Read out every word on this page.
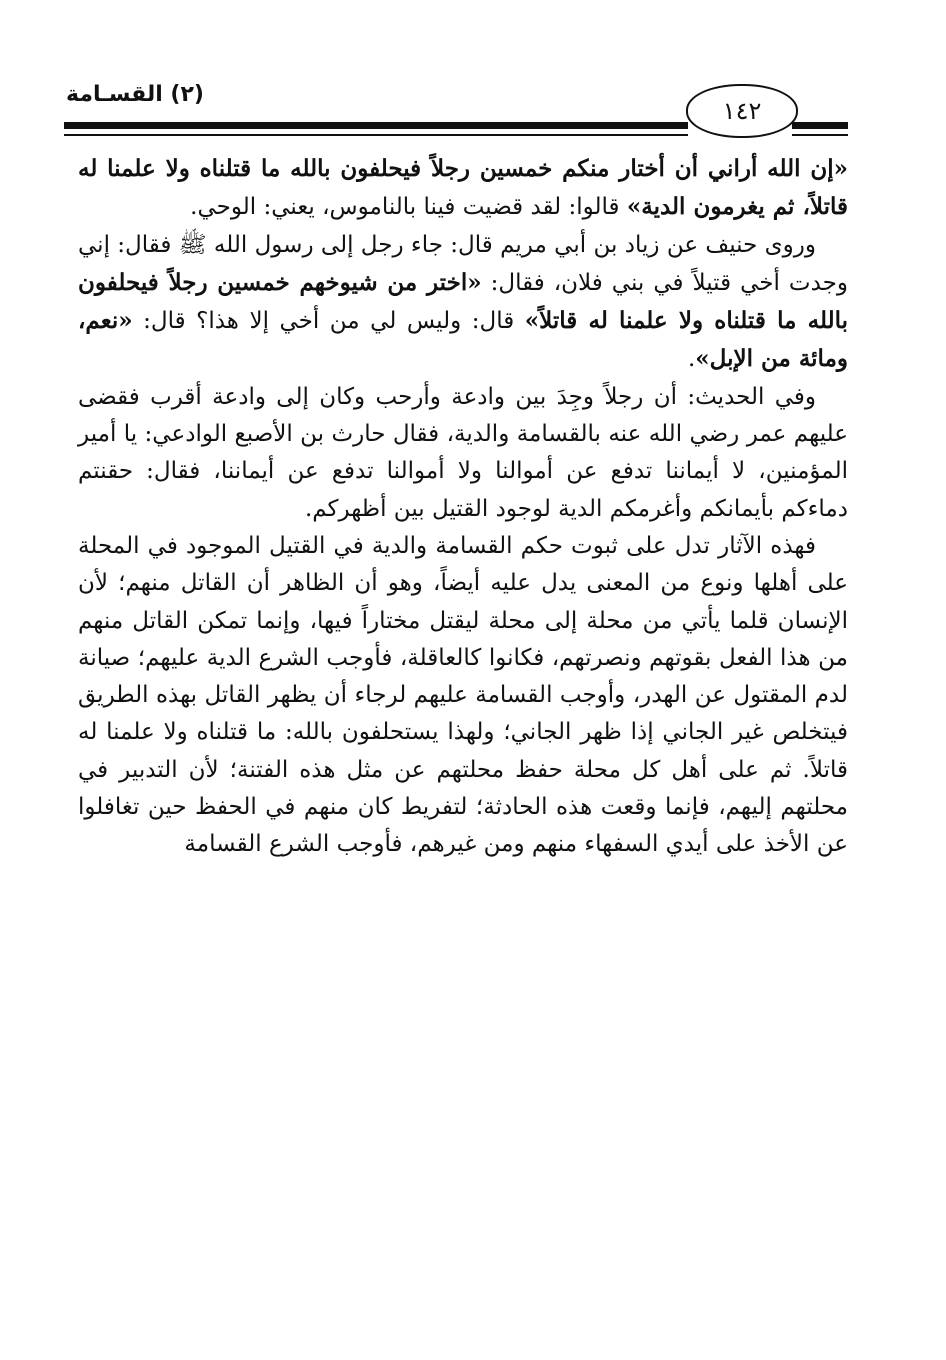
(٢) القسـامة
١٤٢

«إن الله أراني أن أختار منكم خمسين رجلاً فيحلفون بالله ما قتلناه ولا علمنا له قاتلاً، ثم يغرمون الدية» قالوا: لقد قضيت فينا بالناموس، يعني: الوحي.

وروى حنيف عن زياد بن أبي مريم قال: جاء رجل إلى رسول الله ﷺ فقال: إني وجدت أخي قتيلاً في بني فلان، فقال: «اختر من شيوخهم خمسين رجلاً فيحلفون بالله ما قتلناه ولا علمنا له قاتلاً» قال: وليس لي من أخي إلا هذا؟ قال: «نعم، ومائة من الإبل».

وفي الحديث: أن رجلاً وجِدَ بين وادعة وأرحب وكان إلى وادعة أقرب فقضى عليهم عمر رضي الله عنه بالقسامة والدية، فقال حارث بن الأصبع الوادعي: يا أمير المؤمنين، لا أيماننا تدفع عن أموالنا ولا أموالنا تدفع عن أيماننا، فقال: حقنتم دماءكم بأيمانكم وأغرمكم الدية لوجود القتيل بين أظهركم.

فهذه الآثار تدل على ثبوت حكم القسامة والدية في القتيل الموجود في المحلة على أهلها ونوع من المعنى يدل عليه أيضاً، وهو أن الظاهر أن القاتل منهم؛ لأن الإنسان قلما يأتي من محلة إلى محلة ليقتل مختاراً فيها، وإنما تمكن القاتل منهم من هذا الفعل بقوتهم ونصرتهم، فكانوا كالعاقلة، فأوجب الشرع الدية عليهم؛ صيانة لدم المقتول عن الهدر، وأوجب القسامة عليهم لرجاء أن يظهر القاتل بهذه الطريق فيتخلص غير الجاني إذا ظهر الجاني؛ ولهذا يستحلفون بالله: ما قتلناه ولا علمنا له قاتلاً. ثم على أهل كل محلة حفظ محلتهم عن مثل هذه الفتنة؛ لأن التدبير في محلتهم إليهم، فإنما وقعت هذه الحادثة؛ لتفريط كان منهم في الحفظ حين تغافلوا عن الأخذ على أيدي السفهاء منهم ومن غيرهم، فأوجب الشرع القسامة
